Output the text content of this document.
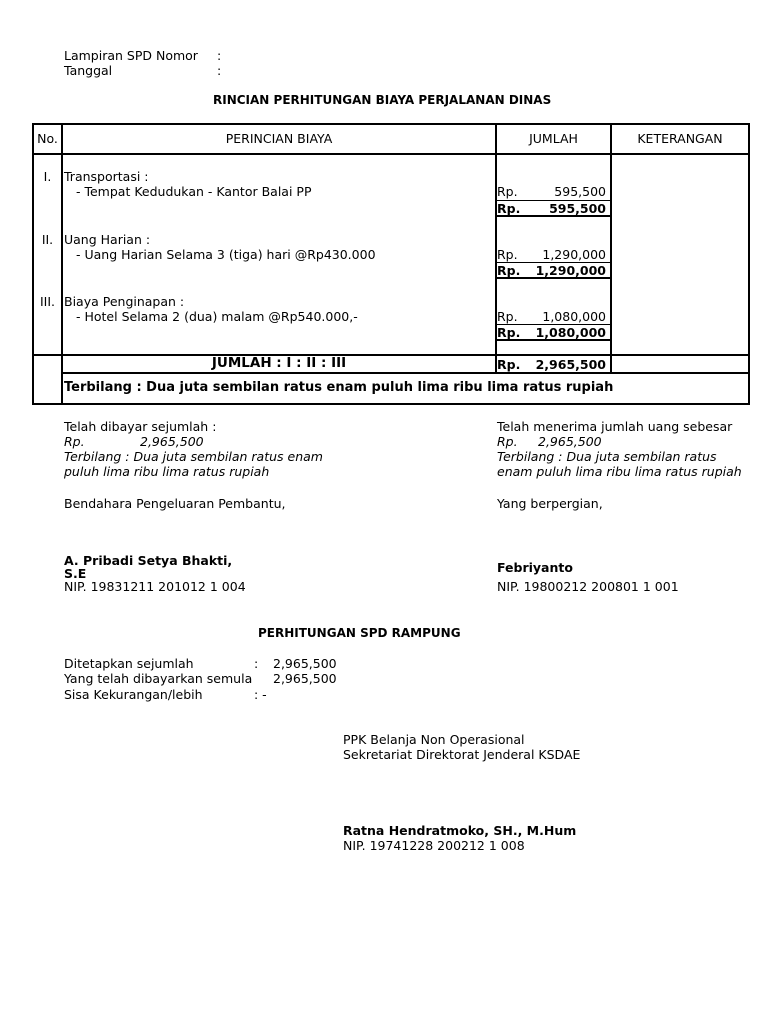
Lampiran SPD Nomor :
Tanggal	:
RINCIAN PERHITUNGAN BIAYA PERJALANAN DINAS
No.	PERINCIAN BIAYA	JUMLAH	KETERANGAN
I.	Transportasi :
- Tempat Kedudukan - Kantor Balai PP	Rp.	595,500
Rp.	595,500
II. Uang Harian :
- Uang Harian Selama 3 (tiga) hari @Rp430.000	Rp.	1,290,000
Rp.	1,290,000
III. Biaya Penginapan :
- Hotel Selama 2 (dua) malam @Rp540.000,-	Rp.	1,080,000
Rp.	1,080,000
JUMLAH : I : II : III	Rp.	2,965,500
Terbilang : Dua juta sembilan ratus enam puluh lima ribu lima ratus rupiah
Telah dibayar sejumlah :
Rp.	2,965,500
Terbilang : Dua juta sembilan ratus enam
puluh lima ribu lima ratus rupiah
Bendahara Pengeluaran Pembantu,
A. Pribadi Setya Bhakti,
S.E
NIP. 19831211 201012 1 004
Telah menerima jumlah uang sebesar
Rp. 2,965,500
Terbilang : Dua juta sembilan ratus
enam puluh lima ribu lima ratus rupiah
Yang berpergian,
Febriyanto
NIP. 19800212 200801 1 001
PERHITUNGAN SPD RAMPUNG
Ditetapkan sejumlah	: 2,965,500
Yang telah dibayarkan semula 2,965,500
Sisa Kekurangan/lebih	: -
PPK Belanja Non Operasional
Sekretariat Direktorat Jenderal KSDAE
Ratna Hendratmoko, SH., M.Hum
NIP. 19741228 200212 1 008
